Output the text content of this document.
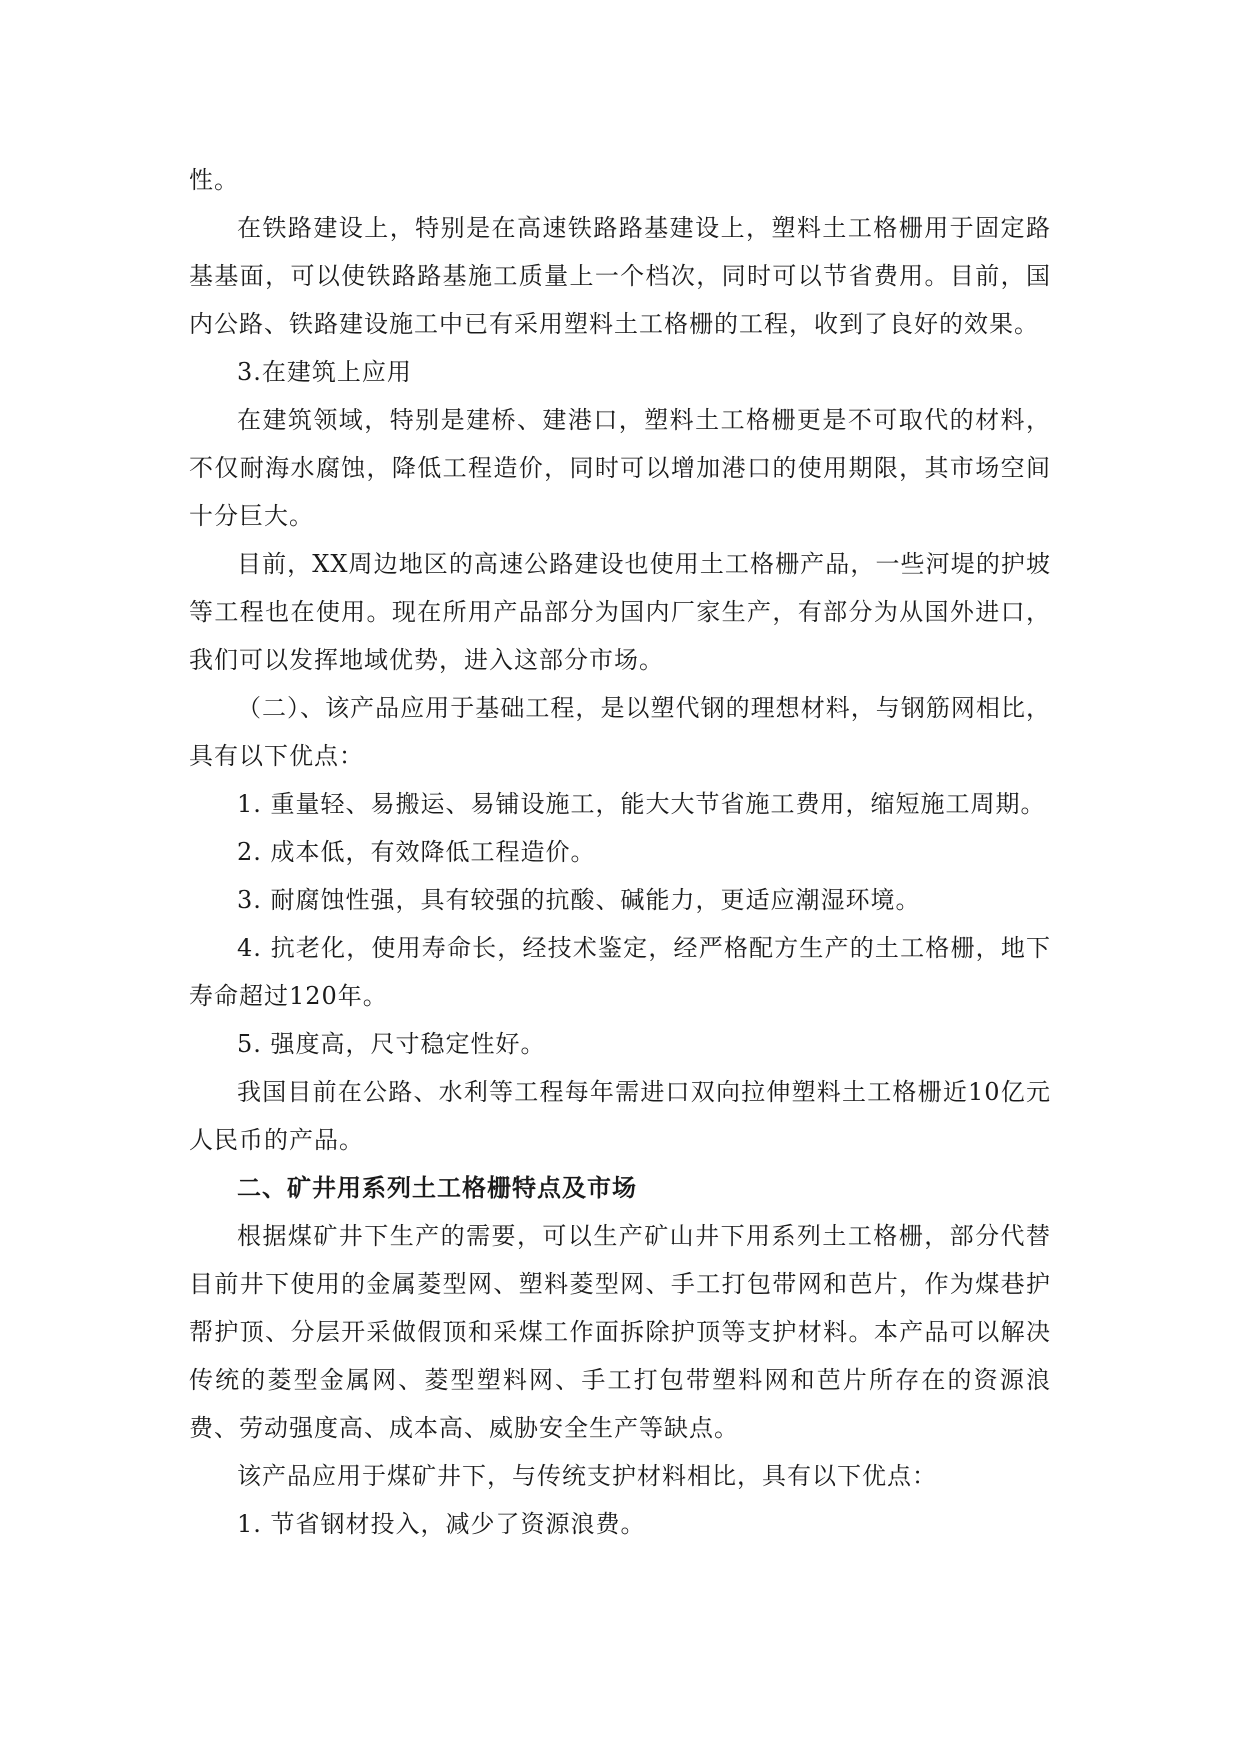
性。

在铁路建设上，特别是在高速铁路路基建设上，塑料土工格栅用于固定路基基面，可以使铁路路基施工质量上一个档次，同时可以节省费用。目前，国内公路、铁路建设施工中已有采用塑料土工格栅的工程，收到了良好的效果。

3.在建筑上应用

在建筑领域，特别是建桥、建港口，塑料土工格栅更是不可取代的材料，不仅耐海水腐蚀，降低工程造价，同时可以增加港口的使用期限，其市场空间十分巨大。

目前，XX周边地区的高速公路建设也使用土工格栅产品，一些河堤的护坡等工程也在使用。现在所用产品部分为国内厂家生产，有部分为从国外进口，我们可以发挥地域优势，进入这部分市场。

（二）、该产品应用于基础工程，是以塑代钢的理想材料，与钢筋网相比，具有以下优点：

1. 重量轻、易搬运、易铺设施工，能大大节省施工费用，缩短施工周期。

2. 成本低，有效降低工程造价。

3. 耐腐蚀性强，具有较强的抗酸、碱能力，更适应潮湿环境。

4. 抗老化，使用寿命长，经技术鉴定，经严格配方生产的土工格栅，地下寿命超过120年。

5. 强度高，尺寸稳定性好。

我国目前在公路、水利等工程每年需进口双向拉伸塑料土工格栅近10亿元人民币的产品。

二、矿井用系列土工格栅特点及市场

根据煤矿井下生产的需要，可以生产矿山井下用系列土工格栅，部分代替目前井下使用的金属菱型网、塑料菱型网、手工打包带网和芭片，作为煤巷护帮护顶、分层开采做假顶和采煤工作面拆除护顶等支护材料。本产品可以解决传统的菱型金属网、菱型塑料网、手工打包带塑料网和芭片所存在的资源浪费、劳动强度高、成本高、威胁安全生产等缺点。

该产品应用于煤矿井下，与传统支护材料相比，具有以下优点：

1. 节省钢材投入，减少了资源浪费。
